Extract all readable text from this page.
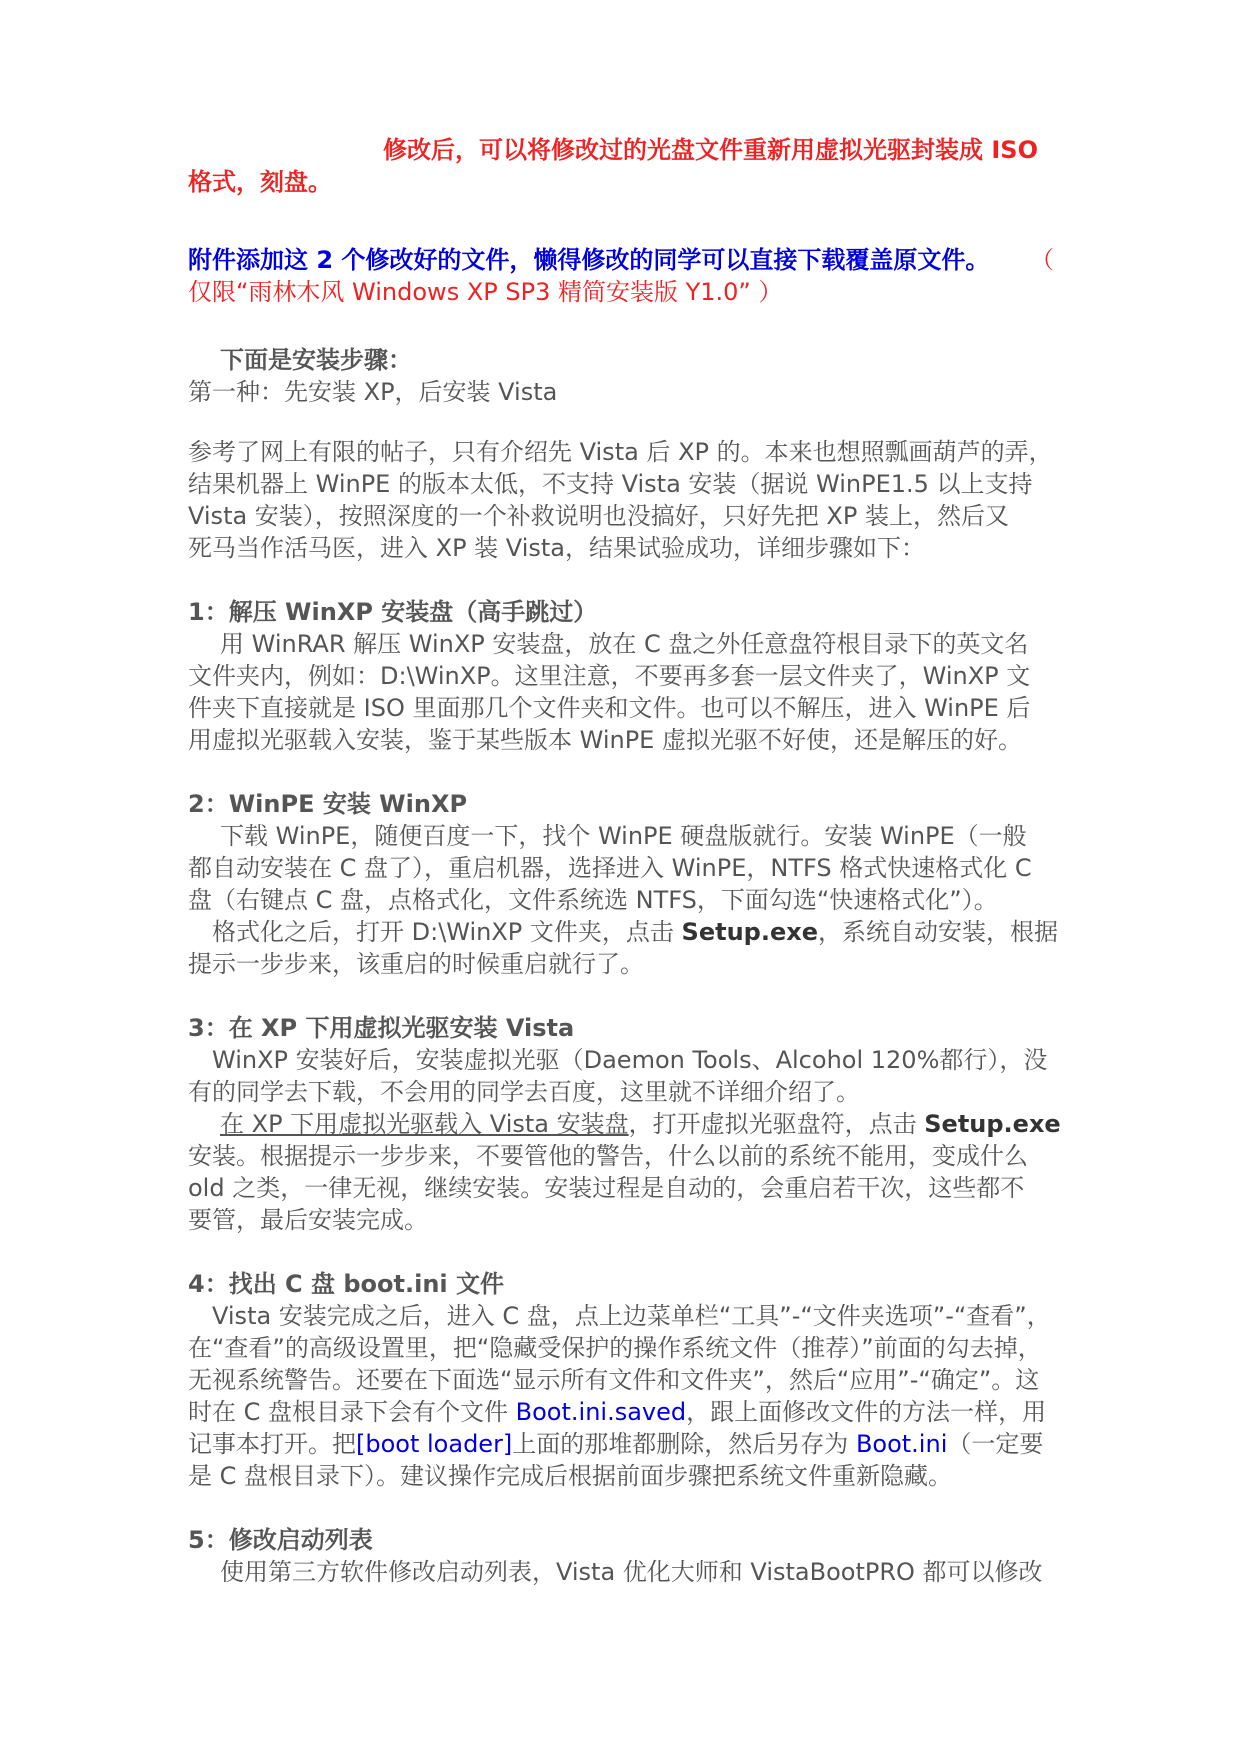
修改后，可以将修改过的光盘文件重新用虚拟光驱封装成 ISO
格式，刻盘。
附件添加这 2 个修改好的文件，懒得修改的同学可以直接下载覆盖原文件。	（
仅限“雨林木风 Windows XP SP3 精简安装版 Y1.0” ）
下面是安装步骤：
第一种：先安装 XP，后安装 Vista
参考了网上有限的帖子，只有介绍先 Vista 后 XP 的。本来也想照瓢画葫芦的弄，
结果机器上 WinPE 的版本太低，不支持 Vista 安装（据说 WinPE1.5 以上支持
Vista 安装），按照深度的一个补救说明也没搞好，只好先把 XP 装上，然后又
死马当作活马医，进入 XP 装 Vista，结果试验成功，详细步骤如下：
1：解压 WinXP 安装盘（高手跳过）
用 WinRAR 解压 WinXP 安装盘，放在 C 盘之外任意盘符根目录下的英文名
文件夹内，例如：D:\WinXP。这里注意，不要再多套一层文件夹了，WinXP 文
件夹下直接就是 ISO 里面那几个文件夹和文件。也可以不解压，进入 WinPE 后
用虚拟光驱载入安装，鉴于某些版本 WinPE 虚拟光驱不好使，还是解压的好。
2：WinPE 安装 WinXP
下载 WinPE，随便百度一下，找个 WinPE 硬盘版就行。安装 WinPE（一般
都自动安装在 C 盘了），重启机器，选择进入 WinPE，NTFS 格式快速格式化 C
盘（右键点 C 盘，点格式化，文件系统选 NTFS，下面勾选“快速格式化”）。
格式化之后，打开 D:\WinXP 文件夹，点击 Setup.exe，系统自动安装，根据
提示一步步来，该重启的时候重启就行了。
3：在 XP 下用虚拟光驱安装 Vista
WinXP 安装好后，安装虚拟光驱（Daemon Tools、Alcohol 120%都行），没
有的同学去下载，不会用的同学去百度，这里就不详细介绍了。
在 XP 下用虚拟光驱载入 Vista 安装盘，打开虚拟光驱盘符，点击 Setup.exe
安装。根据提示一步步来，不要管他的警告，什么以前的系统不能用，变成什么
old 之类，一律无视，继续安装。安装过程是自动的，会重启若干次，这些都不
要管，最后安装完成。
4：找出 C 盘 boot.ini 文件
Vista 安装完成之后，进入 C 盘，点上边菜单栏“工具”-“文件夹选项”-“查看”，
在“查看”的高级设置里，把“隐藏受保护的操作系统文件（推荐）”前面的勾去掉，
无视系统警告。还要在下面选“显示所有文件和文件夹”，然后“应用”-“确定”。这
时在 C 盘根目录下会有个文件 Boot.ini.saved，跟上面修改文件的方法一样，用
记事本打开。把[boot loader]上面的那堆都删除，然后另存为 Boot.ini（一定要
是 C 盘根目录下）。建议操作完成后根据前面步骤把系统文件重新隐藏。
5：修改启动列表
使用第三方软件修改启动列表，Vista 优化大师和 VistaBootPRO 都可以修改
